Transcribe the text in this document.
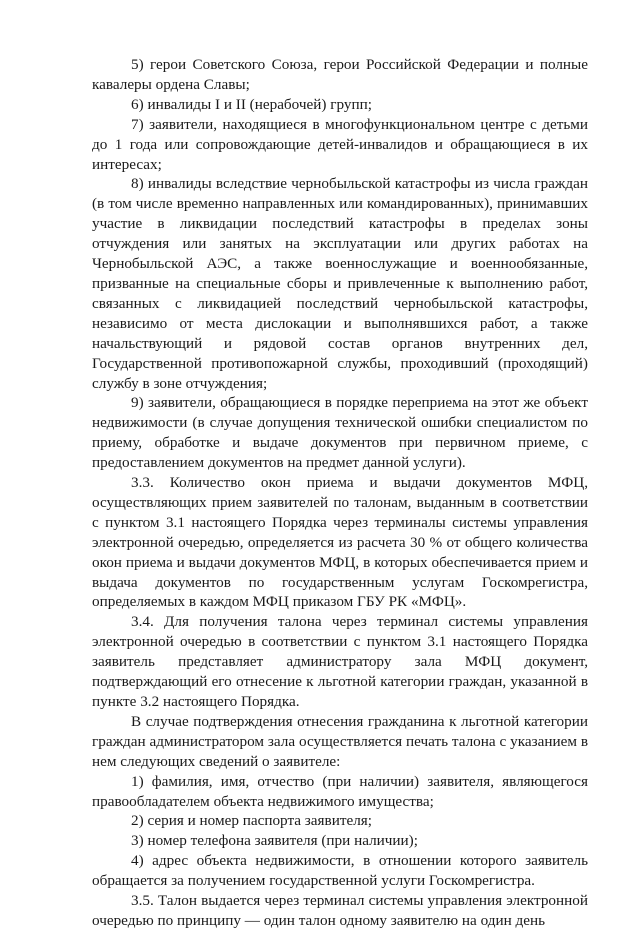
5) герои Советского Союза, герои Российской Федерации и полные кавалеры ордена Славы;

6) инвалиды I и II (нерабочей) групп;

7) заявители, находящиеся в многофункциональном центре с детьми до 1 года или сопровождающие детей-инвалидов и обращающиеся в их интересах;

8) инвалиды вследствие чернобыльской катастрофы из числа граждан (в том числе временно направленных или командированных), принимавших участие в ликвидации последствий катастрофы в пределах зоны отчуждения или занятых на эксплуатации или других работах на Чернобыльской АЭС, а также военнослужащие и военнообязанные, призванные на специальные сборы и привлеченные к выполнению работ, связанных с ликвидацией последствий чернобыльской катастрофы, независимо от места дислокации и выполнявшихся работ, а также начальствующий и рядовой состав органов внутренних дел, Государственной противопожарной службы, проходивший (проходящий) службу в зоне отчуждения;

9) заявители, обращающиеся в порядке переприема на этот же объект недвижимости (в случае допущения технической ошибки специалистом по приему, обработке и выдаче документов при первичном приеме, с предоставлением документов на предмет данной услуги).

3.3. Количество окон приема и выдачи документов МФЦ, осуществляющих прием заявителей по талонам, выданным в соответствии с пунктом 3.1 настоящего Порядка через терминалы системы управления электронной очередью, определяется из расчета 30 % от общего количества окон приема и выдачи документов МФЦ, в которых обеспечивается прием и выдача документов по государственным услугам Госкомрегистра, определяемых в каждом МФЦ приказом ГБУ РК «МФЦ».

3.4. Для получения талона через терминал системы управления электронной очередью в соответствии с пунктом 3.1 настоящего Порядка заявитель представляет администратору зала МФЦ документ, подтверждающий его отнесение к льготной категории граждан, указанной в пункте 3.2 настоящего Порядка.

В случае подтверждения отнесения гражданина к льготной категории граждан администратором зала осуществляется печать талона с указанием в нем следующих сведений о заявителе:

1) фамилия, имя, отчество (при наличии) заявителя, являющегося правообладателем объекта недвижимого имущества;

2) серия и номер паспорта заявителя;

3) номер телефона заявителя (при наличии);

4) адрес объекта недвижимости, в отношении которого заявитель обращается за получением государственной услуги Госкомрегистра.

3.5. Талон выдается через терминал системы управления электронной очередью по принципу — один талон одному заявителю на один день
